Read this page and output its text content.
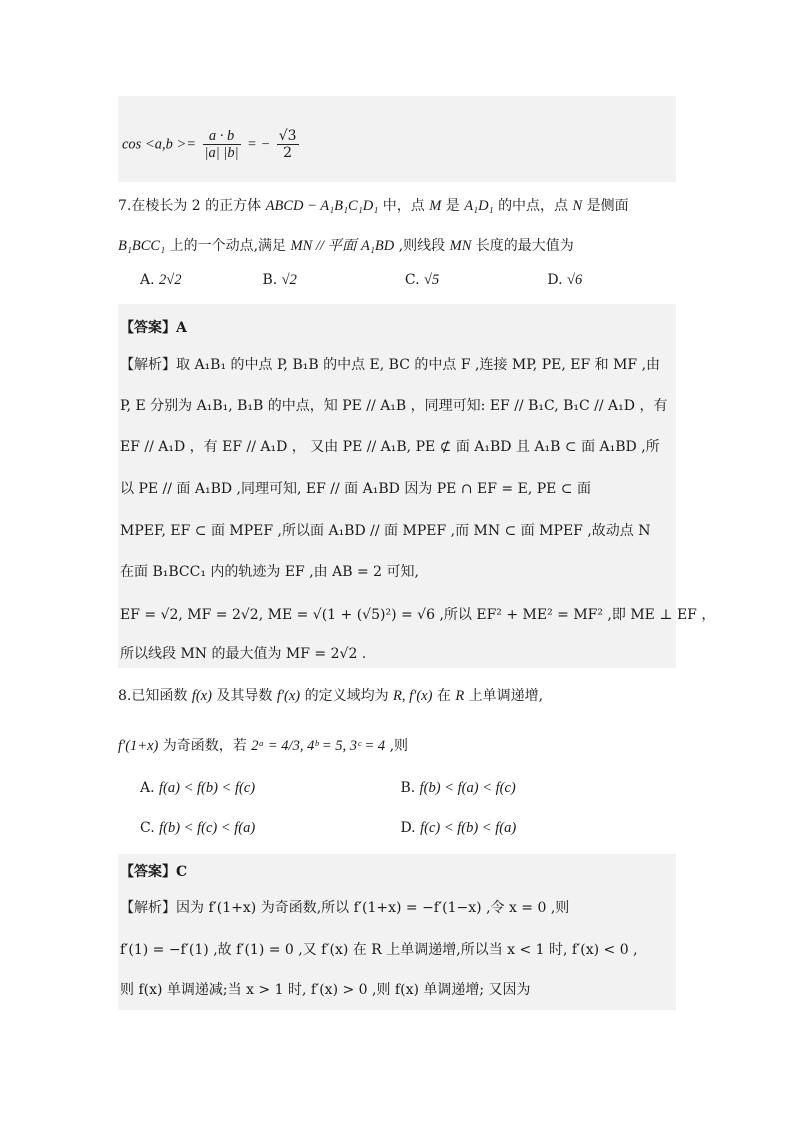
$\cos <a,b >= \frac{a \cdot b}{|a| |b|}$ = − $\frac{√3}{2}$
7.在棱长为 2 的正方体 ABCD − A₁B₁C₁D₁ 中，点 M 是 A₁D₁ 的中点，点 N 是侧面
B₁BCC₁ 上的一个动点,满足 MN // 平面 A₁BD ,则线段 MN 长度的最大值为
A. 2√2	B. √2	C. √5	D. √6
【答案】A
【解析】取 A₁B₁ 的中点 P, B₁B 的中点 E, BC 的中点 F ,连接 MP, PE, EF 和 MF ,由
P, E 分别为 A₁B₁, B₁B 的中点，知 PE // A₁B ，同理可知: EF // B₁C, B₁C // A₁D ，有
EF // A₁D ，有 EF // A₁D ， 又由 PE // A₁B, PE ⊄ 面 A₁BD 且 A₁B ⊂ 面 A₁BD ,所
以 PE // 面 A₁BD ,同理可知, EF // 面 A₁BD 因为 PE ∩ EF = E, PE ⊂ 面
MPEF, EF ⊂ 面 MPEF ,所以面 A₁BD // 面 MPEF ,而 MN ⊂ 面 MPEF ,故动点 N
在面 B₁BCC₁ 内的轨迹为 EF ,由 AB = 2 可知,
EF = √2, MF = 2√2, ME = √(1 + (√5)²) = √6 ,所以 EF² + ME² = MF² ,即 ME ⊥ EF ，
所以线段 MN 的最大值为 MF = 2√2 .
8.已知函数 f(x) 及其导数 f′(x) 的定义域均为 R, f′(x) 在 R 上单调递增,
f′(1+x) 为奇函数，若 2ᵃ = 4/3, 4ᵇ = 5, 3ᶜ = 4 ,则
A. f(a) < f(b) < f(c)	B. f(b) < f(a) < f(c)
C. f(b) < f(c) < f(a)	D. f(c) < f(b) < f(a)
【答案】C
【解析】因为 f′(1+x) 为奇函数,所以 f′(1+x) = −f′(1−x) ,令 x = 0 ,则
f′(1) = −f′(1) ,故 f′(1) = 0 ,又 f′(x) 在 R 上单调递增,所以当 x < 1 时, f′(x) < 0 ,
则 f(x) 单调递减;当 x > 1 时, f′(x) > 0 ,则 f(x) 单调递增; 又因为
